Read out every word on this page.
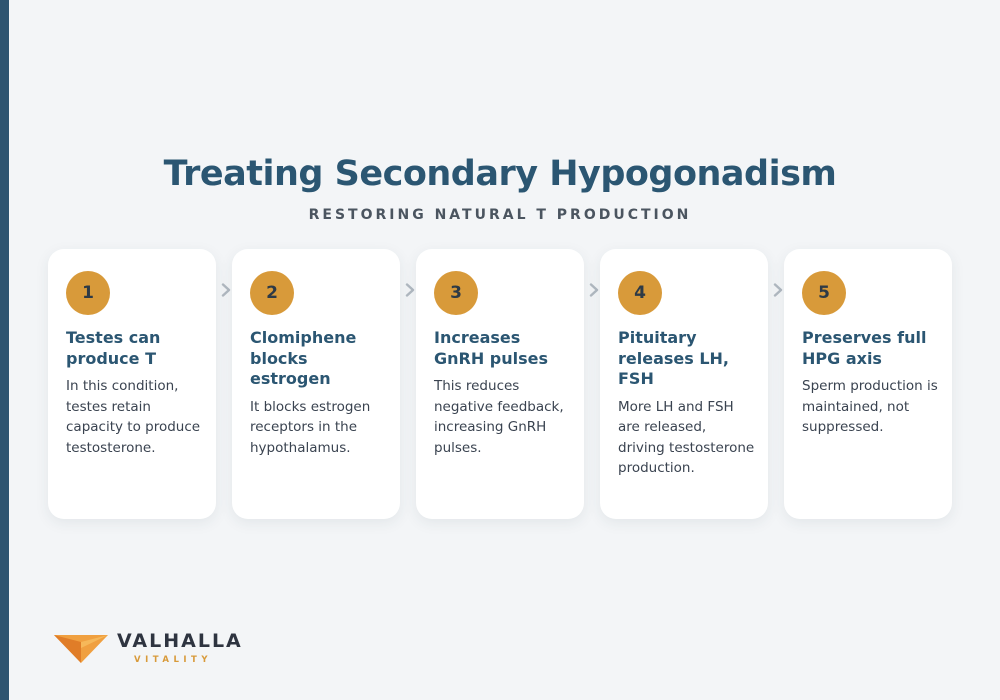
Treating Secondary Hypogonadism
RESTORING NATURAL T PRODUCTION
1
Testes can produce T
In this condition, testes retain capacity to produce testosterone.
2
Clomiphene blocks estrogen
It blocks estrogen receptors in the hypothalamus.
3
Increases GnRH pulses
This reduces negative feedback, increasing GnRH pulses.
4
Pituitary releases LH, FSH
More LH and FSH are released, driving testosterone production.
5
Preserves full HPG axis
Sperm production is maintained, not suppressed.
VALHALLA
VITALITY
